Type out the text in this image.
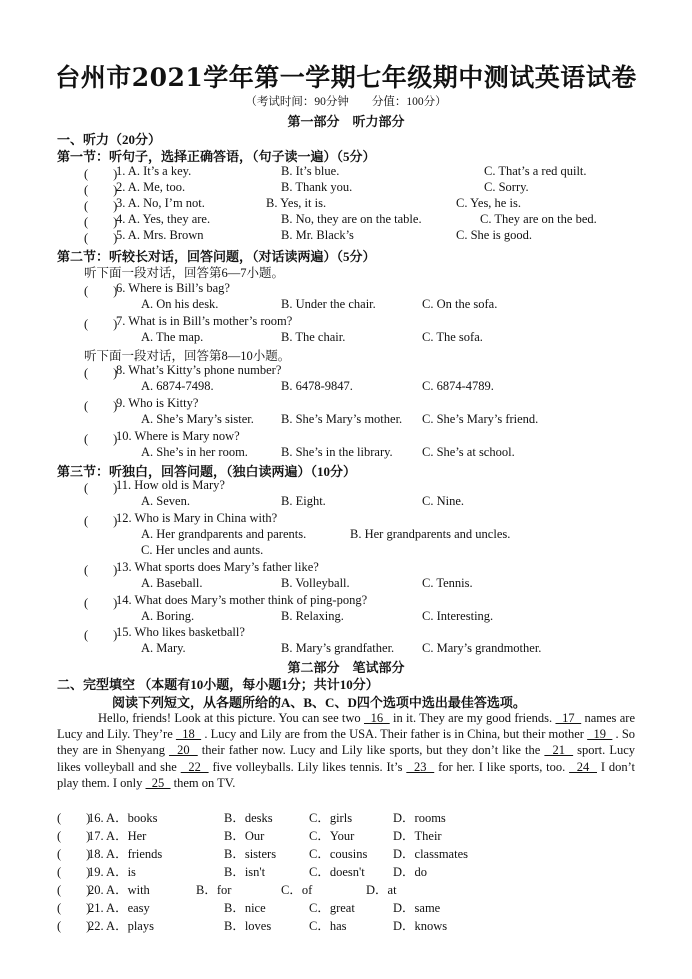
台州市2021学年第一学期七年级期中测试英语试卷
（考试时间：90分钟　　分值：100分）
第一部分　听力部分
一、听力（20分）
第一节：听句子，选择正确答语，（句子读一遍）（5分）
(　　)
1. A. It’s a key.	B. It’s blue.	C. That’s a red quilt.
(　　)
2. A. Me, too.	B. Thank you.	C. Sorry.
(　　)
3. A. No, I’m not.	B. Yes, it is.	C. Yes, he is.
(　　)
4. A. Yes, they are.	B. No, they are on the table.	C. They are on the bed.
(　　)
5. A. Mrs. Brown	B. Mr. Black’s	C. She is good.
第二节：听较长对话，回答问题，（对话读两遍）（5分）
听下面一段对话，回答第6—7小题。
听下面一段对话，回答第8—10小题。
(　　)
6. Where is Bill’s bag?
A. On his desk.	B. Under the chair.	C. On the sofa.
(　　)
7. What is in Bill’s mother’s room?
A. The map.	B. The chair.	C. The sofa.
(　　)
8. What’s Kitty’s phone number?
A. 6874-7498.	B. 6478-9847.	C. 6874-4789.
(　　)
9. Who is Kitty?
A. She’s Mary’s sister. B. She’s Mary’s mother. C. She’s Mary’s friend.
(　　)
10. Where is Mary now?
A. She’s in her room.	B. She’s in the library. C. She’s at school.
第三节：听独白，回答问题，（独白读两遍）（10分）
(　　)
11. How old is Mary?
A. Seven.	B. Eight.	C. Nine.
(　　)
12. Who is Mary in China with?
A. Her grandparents and parents.	B. Her grandparents and uncles.
C. Her uncles and aunts.
(　　)
13. What sports does Mary’s father like?
A. Baseball.	B. Volleyball.	C. Tennis.
(　　)
14. What does Mary’s mother think of ping-pong?
A. Boring.	B. Relaxing.	C. Interesting.
(　　)
15. Who likes basketball?
A. Mary.	B. Mary’s grandfather. C. Mary’s grandmother.
第二部分　笔试部分
二、完型填空 （本题有10小题，每小题1分；共计10分）
阅读下列短文，从各题所给的A、B、C、D四个选项中选出最佳答选项。
Hello, friends! Look at this picture. You can see two   16   in it. They are my good friends.   17   names are Lucy and Lily. They’re   18   . Lucy and Lily are from the USA. Their father is in China, but their mother   19   . So they are in Shenyang   20   their father now. Lucy and Lily like sports, but they don’t like the   21   sport. Lucy likes volleyball and she   22   five volleyballs. Lily likes tennis. It’s   23   for her. I like sports, too.   24   I don’t play them. I only   25   them on TV.
(　　)
16. A．books	B．desks	C．girls	D．rooms
(　　)
17. A．Her	B．Our	C．Your	D．Their
(　　)
18. A．friends	B．sisters	C．cousins D．classmates
(　　)
19. A．is	B．isn't	C．doesn't D．do
(　　)
20. A．with	B．for	C．of	D．at
(　　)
21. A．easy	B．nice	C．great	D．same
(　　)
22. A．plays	B．loves	C．has	D．knows
